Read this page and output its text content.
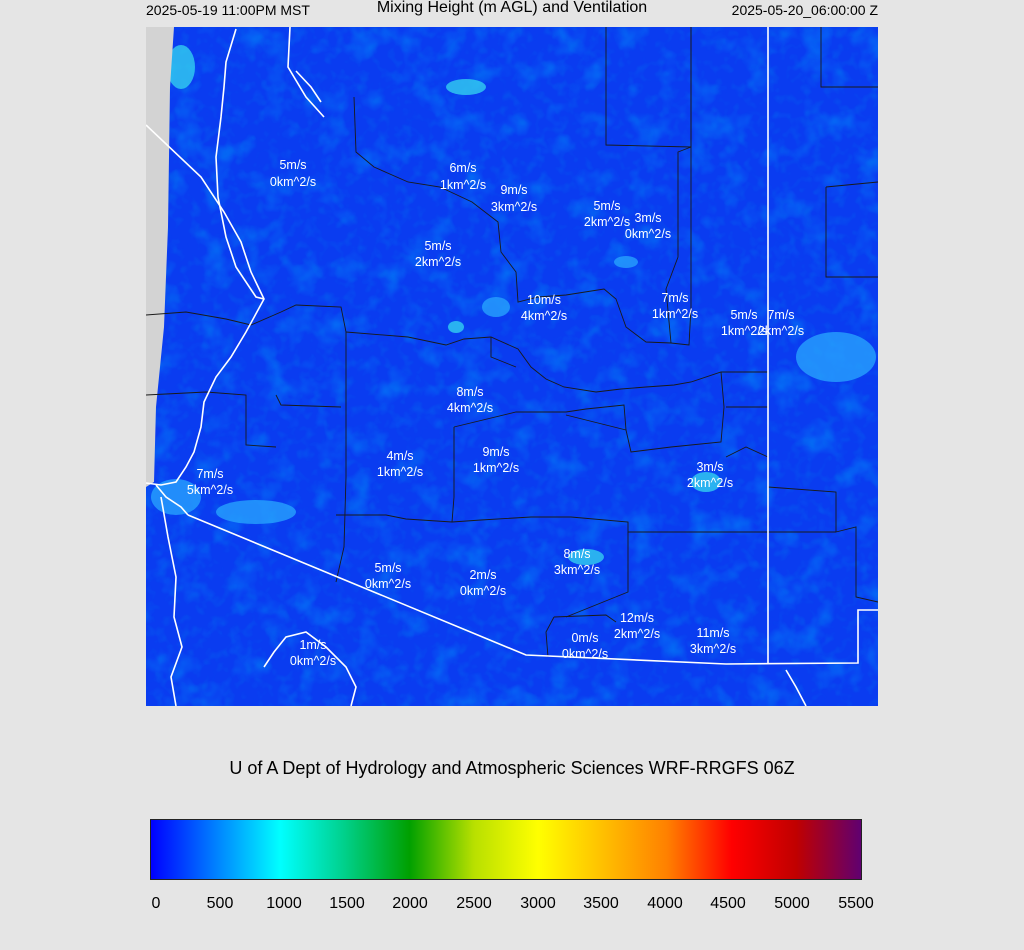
2025-05-19 11:00PM MST	Mixing Height (m AGL) and Ventilation	2025-05-20_06:00:00 Z
5m/s
0km^2/s
6m/s
1km^2/s 9m/s
3km^2/s	5m/s
2km^2/s 3m/s
0km^2/s
5m/s
2km^2/s
10m/s
4km^2/s
7m/s
1km^2/s	5m/s
1km^2/s
7m/s
2km^2/s
8m/s
4km^2/s
4m/s
1km^2/s
9m/s
1km^2/s	3m/s
2km^2/s
7m/s
5km^2/s
8m/s
3km^2/s
5m/s
0km^2/s
2m/s
0km^2/s
12m/s
2km^2/s
0m/s
0km^2/s
11m/s
3km^2/s
1m/s
0km^2/s
U of A Dept of Hydrology and Atmospheric Sciences WRF-RRGFS 06Z
0	500 1000 1500 2000 2500 3000 3500 4000 4500 5000 5500
